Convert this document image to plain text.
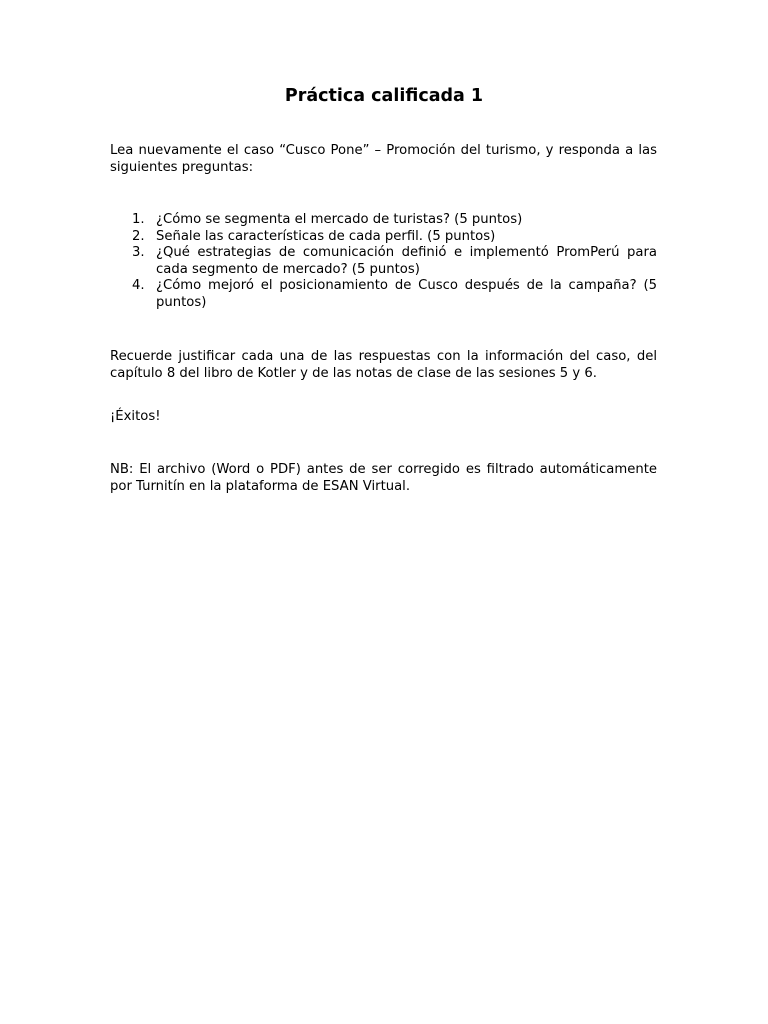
Práctica calificada 1

Lea nuevamente el caso “Cusco Pone” – Promoción del turismo, y responda a las siguientes preguntas:

1. ¿Cómo se segmenta el mercado de turistas? (5 puntos)
2. Señale las características de cada perfil. (5 puntos)
3. ¿Qué estrategias de comunicación definió e implementó PromPerú para cada segmento de mercado? (5 puntos)
4. ¿Cómo mejoró el posicionamiento de Cusco después de la campaña? (5 puntos)

Recuerde justificar cada una de las respuestas con la información del caso, del capítulo 8 del libro de Kotler y de las notas de clase de las sesiones 5 y 6.

¡Éxitos!

NB: El archivo (Word o PDF) antes de ser corregido es filtrado automáticamente por Turnitín en la plataforma de ESAN Virtual.
